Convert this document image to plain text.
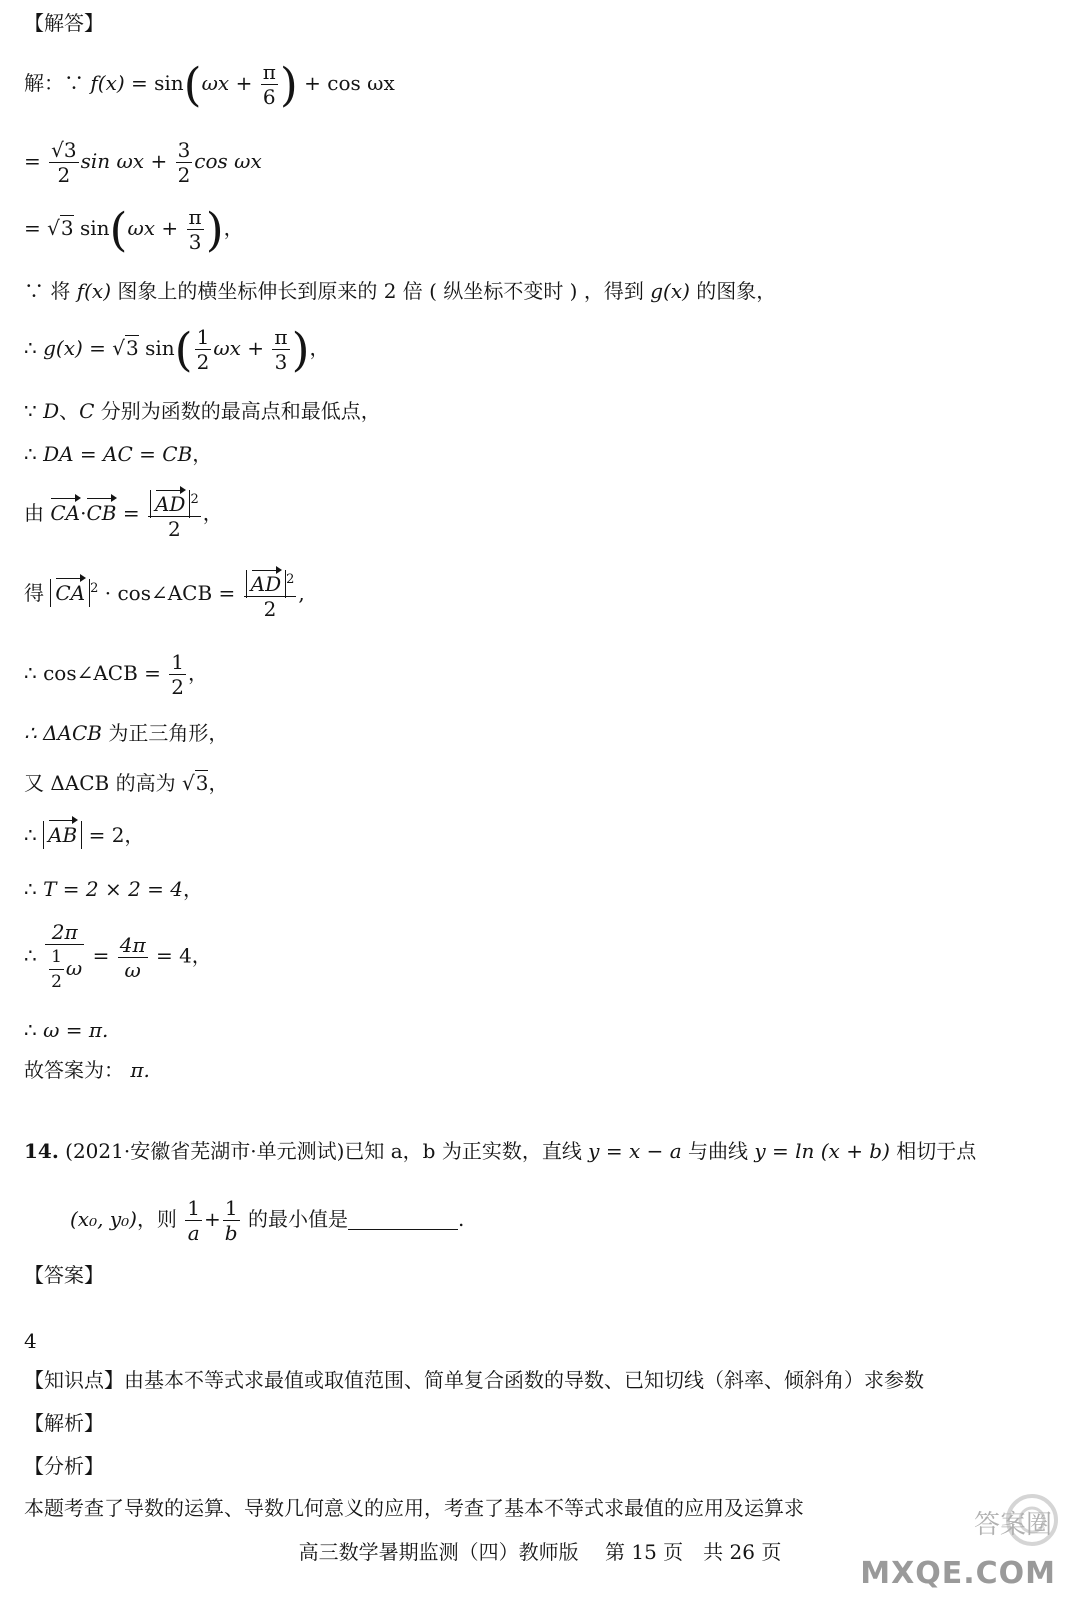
【解答】
解：∵ $f(x) = \sin(\omega x + \frac{\pi}{6}$ ) + cos ωx
= $\frac{√3}{2}$ $\sin \omega x + \frac{3}{2}$ cos ωx
= √3 $\sin(\omega x + \frac{\pi}{3}$ )，
∵ 将 f(x) 图象上的横坐标伸长到原来的 2 倍 ( 纵坐标不变时 ) ，得到 g(x) 的图象，
∴ g(x) = √3 $\sin( \frac{1}{2}$ $\omega x + \frac{\pi}{3}$ )，
∵ D、C 分别为函数的最高点和最低点，
∴ DA = AC = CB，
由 $CA\cdot CB = \frac{AD ^2}{2}$ ，
得 CA $^2$ · cos∠ACB = $\frac{AD ^2}{2}$ ,
∴ cos∠ACB = $\frac{1}{2}$ ，
∴ ΔACB 为正三角形，
又 ΔACB 的高为 √3，
∴ AB = 2，
∴ T = 2 × 2 = 4，
∴ $\frac{2\pi}{\frac{1}{2} \omega} = \frac{4\pi}{\omega} = 4$，
∴ ω = π.
故答案为： π.
14. (2021·安徽省芜湖市·单元测试)已知 a，b 为正实数，直线 y = x − a 与曲线 y = ln (x + b) 相切于点
(x₀, y₀)，则 $\frac{1}{a} + \frac{1}{b}$ 的最小值是	.
【答案】
4
【知识点】由基本不等式求最值或取值范围、简单复合函数的导数、已知切线（斜率、倾斜角）求参数
【解析】
【分析】
本题考查了导数的运算、导数几何意义的应用，考查了基本不等式求最值的应用及运算求
高三数学暑期监测（四）教师版　 第 15 页　共 26 页
答案圈
MXQE.COM
